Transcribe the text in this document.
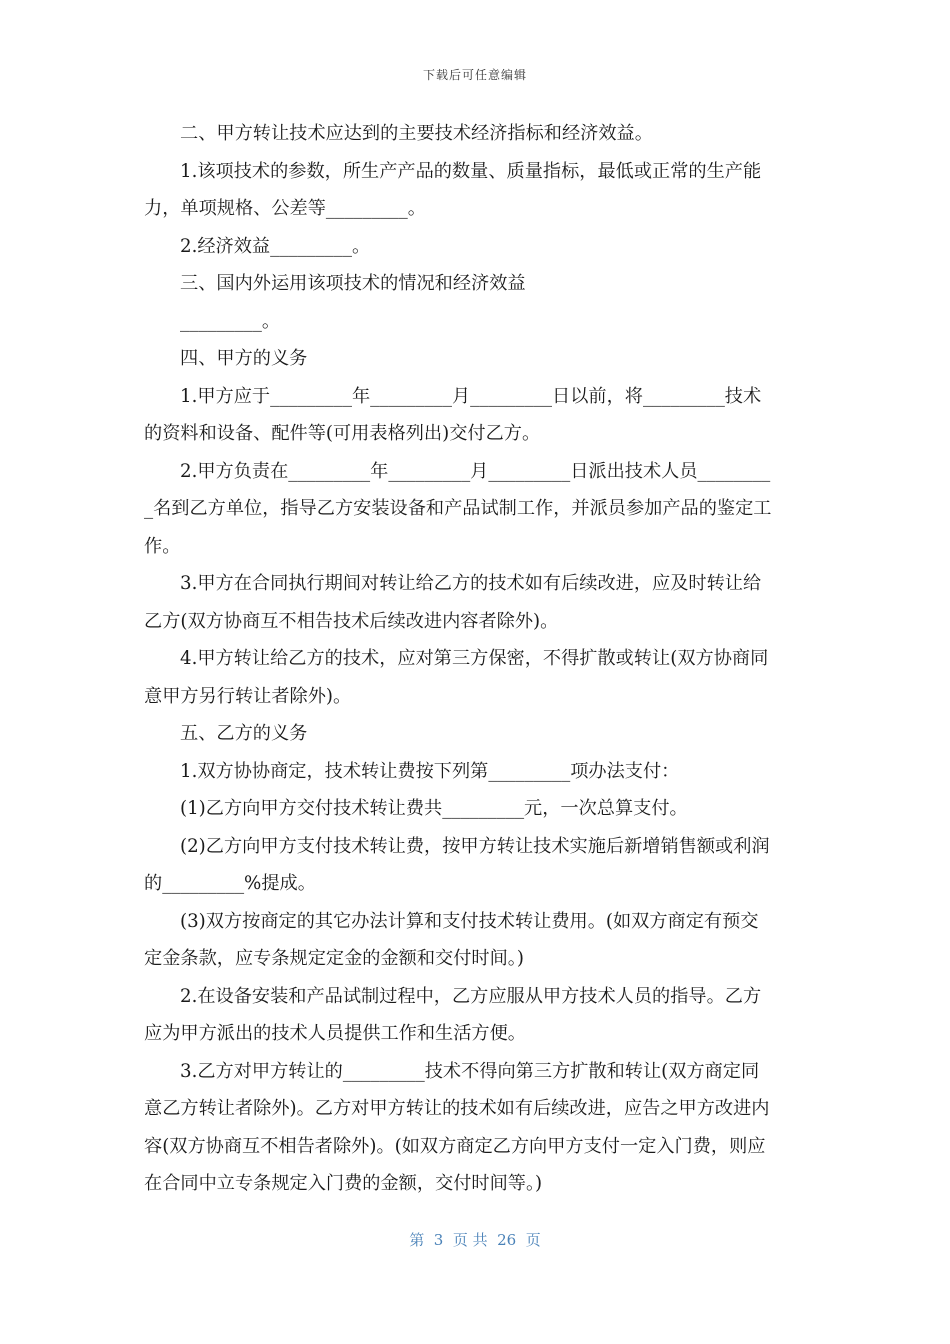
下载后可任意编辑
二、甲方转让技术应达到的主要技术经济指标和经济效益。
1.该项技术的参数，所生产产品的数量、质量指标，最低或正常的生产能
力，单项规格、公差等_________。
2.经济效益_________。
三、国内外运用该项技术的情况和经济效益
_________。
四、甲方的义务
1.甲方应于_________年_________月_________日以前，将_________技术
的资料和设备、配件等(可用表格列出)交付乙方。
2.甲方负责在_________年_________月_________日派出技术人员________
_名到乙方单位，指导乙方安装设备和产品试制工作，并派员参加产品的鉴定工
作。
3.甲方在合同执行期间对转让给乙方的技术如有后续改进，应及时转让给
乙方(双方协商互不相告技术后续改进内容者除外)。
4.甲方转让给乙方的技术，应对第三方保密，不得扩散或转让(双方协商同
意甲方另行转让者除外)。
五、乙方的义务
1.双方协协商定，技术转让费按下列第_________项办法支付：
(1)乙方向甲方交付技术转让费共_________元，一次总算支付。
(2)乙方向甲方支付技术转让费，按甲方转让技术实施后新增销售额或利润
的_________%提成。
(3)双方按商定的其它办法计算和支付技术转让费用。(如双方商定有预交
定金条款，应专条规定定金的金额和交付时间。)
2.在设备安装和产品试制过程中，乙方应服从甲方技术人员的指导。乙方
应为甲方派出的技术人员提供工作和生活方便。
3.乙方对甲方转让的_________技术不得向第三方扩散和转让(双方商定同
意乙方转让者除外)。乙方对甲方转让的技术如有后续改进，应告之甲方改进内
容(双方协商互不相告者除外)。(如双方商定乙方向甲方支付一定入门费，则应
在合同中立专条规定入门费的金额，交付时间等。)
第  3  页 共  26  页
